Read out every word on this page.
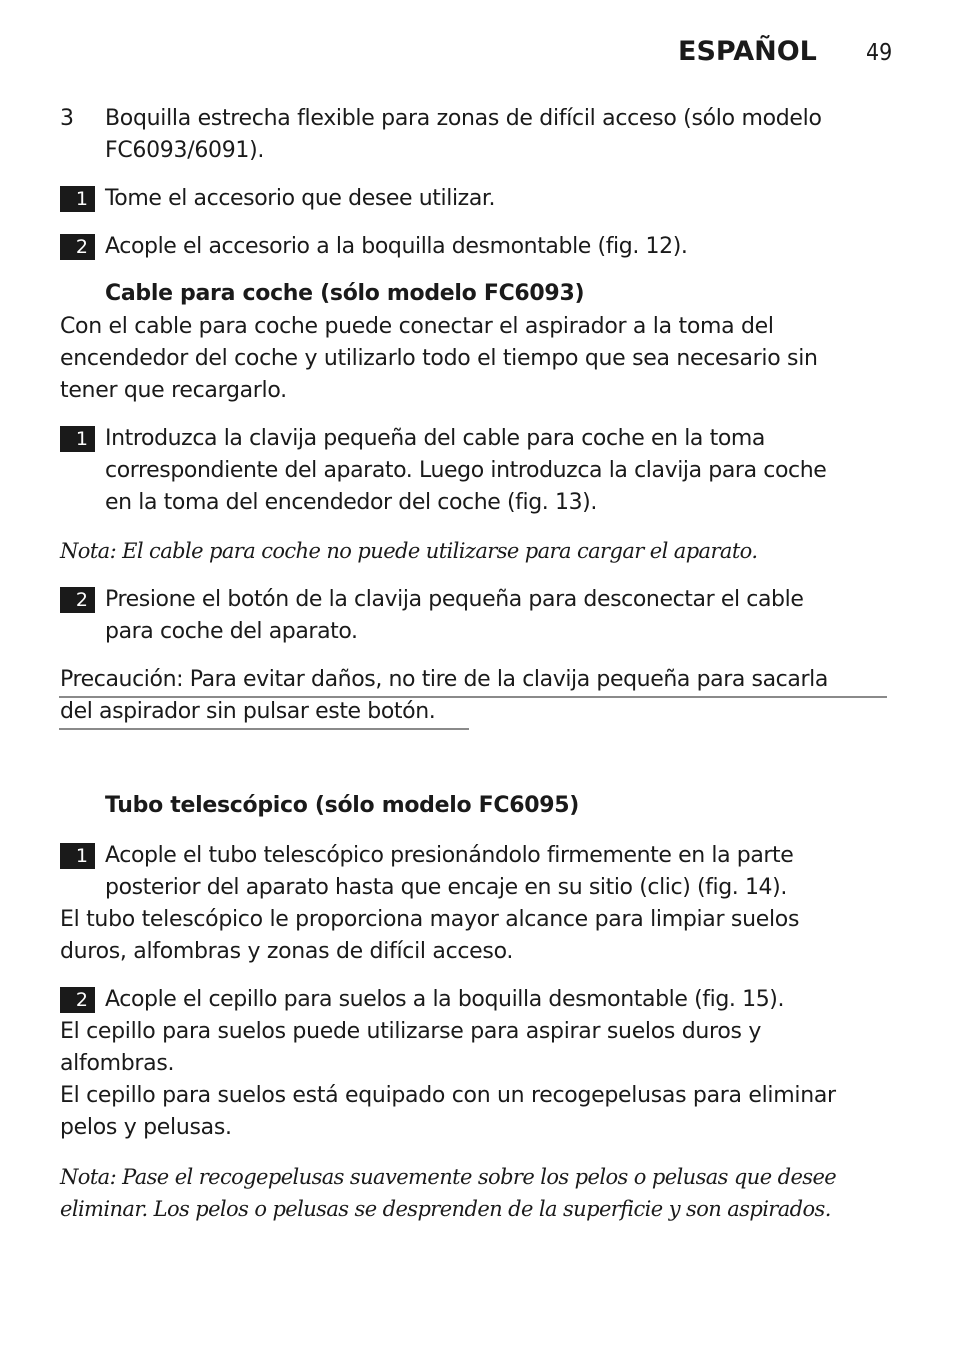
ESPAÑOL 49
3 Boquilla estrecha flexible para zonas de difícil acceso (sólo modelo
FC6093/6091).
1 Tome el accesorio que desee utilizar.
2 Acople el accesorio a la boquilla desmontable (fig. 12).
Cable para coche (sólo modelo FC6093)
Con el cable para coche puede conectar el aspirador a la toma del
encendedor del coche y utilizarlo todo el tiempo que sea necesario sin
tener que recargarlo.
1 Introduzca la clavija pequeña del cable para coche en la toma
correspondiente del aparato. Luego introduzca la clavija para coche
en la toma del encendedor del coche (fig. 13).
Nota: El cable para coche no puede utilizarse para cargar el aparato.
2 Presione el botón de la clavija pequeña para desconectar el cable
para coche del aparato.
Precaución: Para evitar daños, no tire de la clavija pequeña para sacarla
del aspirador sin pulsar este botón.
Tubo telescópico (sólo modelo FC6095)
1 Acople el tubo telescópico presionándolo firmemente en la parte
posterior del aparato hasta que encaje en su sitio (clic) (fig. 14).
El tubo telescópico le proporciona mayor alcance para limpiar suelos
duros, alfombras y zonas de difícil acceso.
2 Acople el cepillo para suelos a la boquilla desmontable (fig. 15).
El cepillo para suelos puede utilizarse para aspirar suelos duros y
alfombras.
El cepillo para suelos está equipado con un recogepelusas para eliminar
pelos y pelusas.
Nota: Pase el recogepelusas suavemente sobre los pelos o pelusas que desee
eliminar. Los pelos o pelusas se desprenden de la superficie y son aspirados.
